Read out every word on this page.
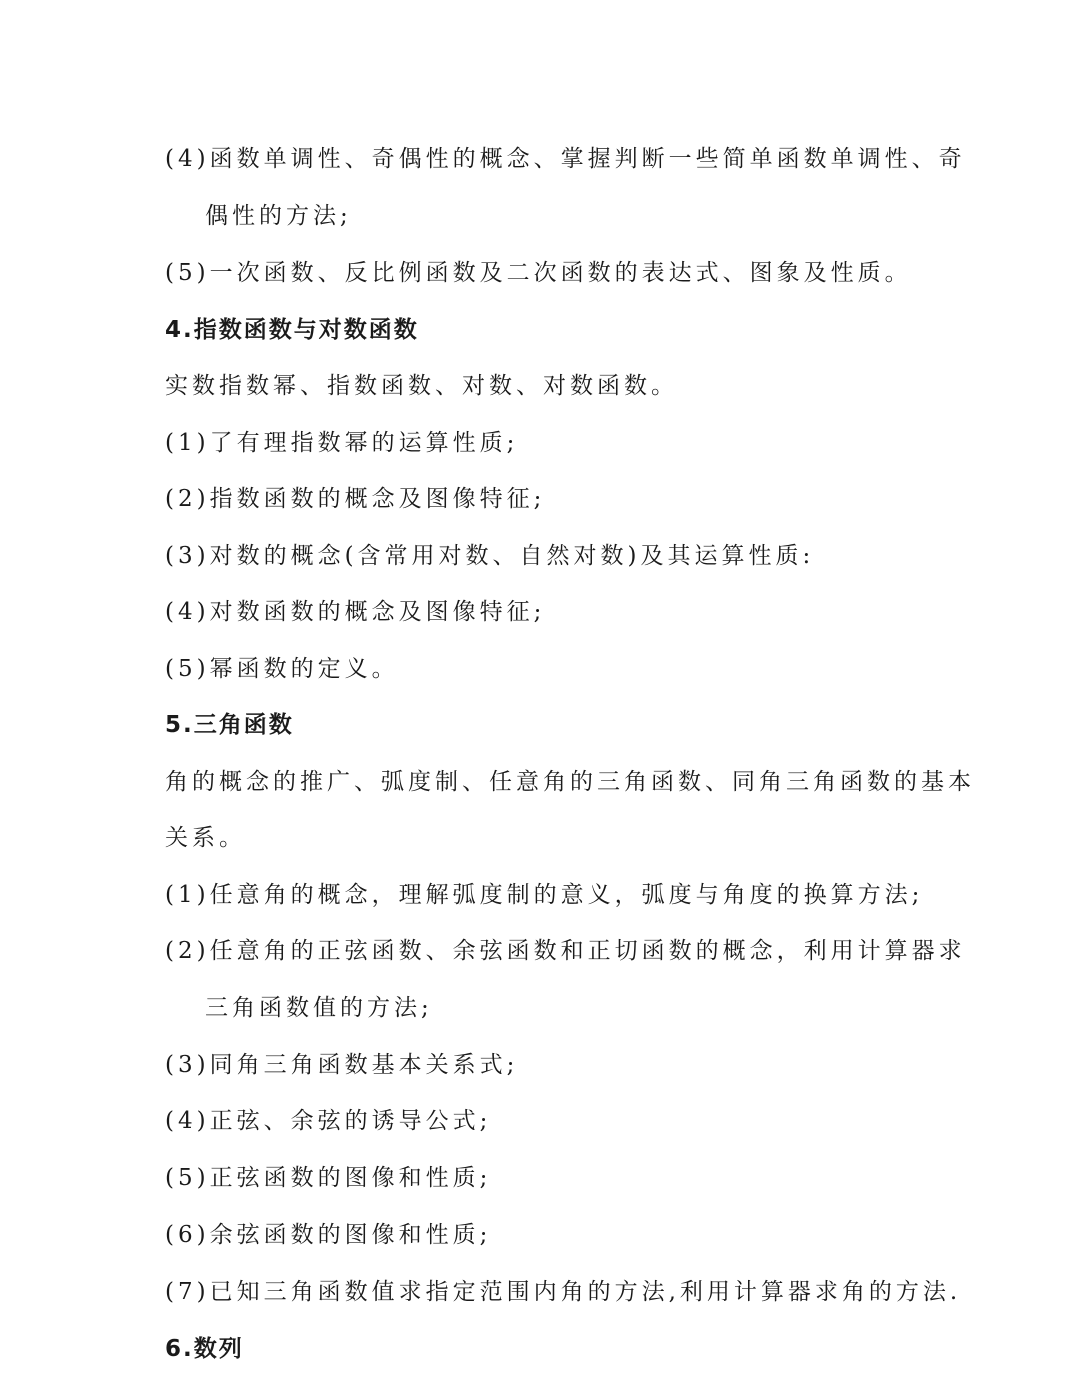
(4)函数单调性、奇偶性的概念、掌握判断一些简单函数单调性、奇
偶性的方法;
(5)一次函数、反比例函数及二次函数的表达式、图象及性质。
4.指数函数与对数函数
实数指数幂、指数函数、对数、对数函数。
(1)了有理指数幂的运算性质;
(2)指数函数的概念及图像特征;
(3)对数的概念(含常用对数、自然对数)及其运算性质:
(4)对数函数的概念及图像特征;
(5)幂函数的定义。
5.三角函数
角的概念的推广、弧度制、任意角的三角函数、同角三角函数的基本
关系。
(1)任意角的概念，理解弧度制的意义，弧度与角度的换算方法;
(2)任意角的正弦函数、余弦函数和正切函数的概念，利用计算器求
三角函数值的方法;
(3)同角三角函数基本关系式;
(4)正弦、余弦的诱导公式;
(5)正弦函数的图像和性质;
(6)余弦函数的图像和性质;
(7)已知三角函数值求指定范围内角的方法,利用计算器求角的方法.
6.数列
